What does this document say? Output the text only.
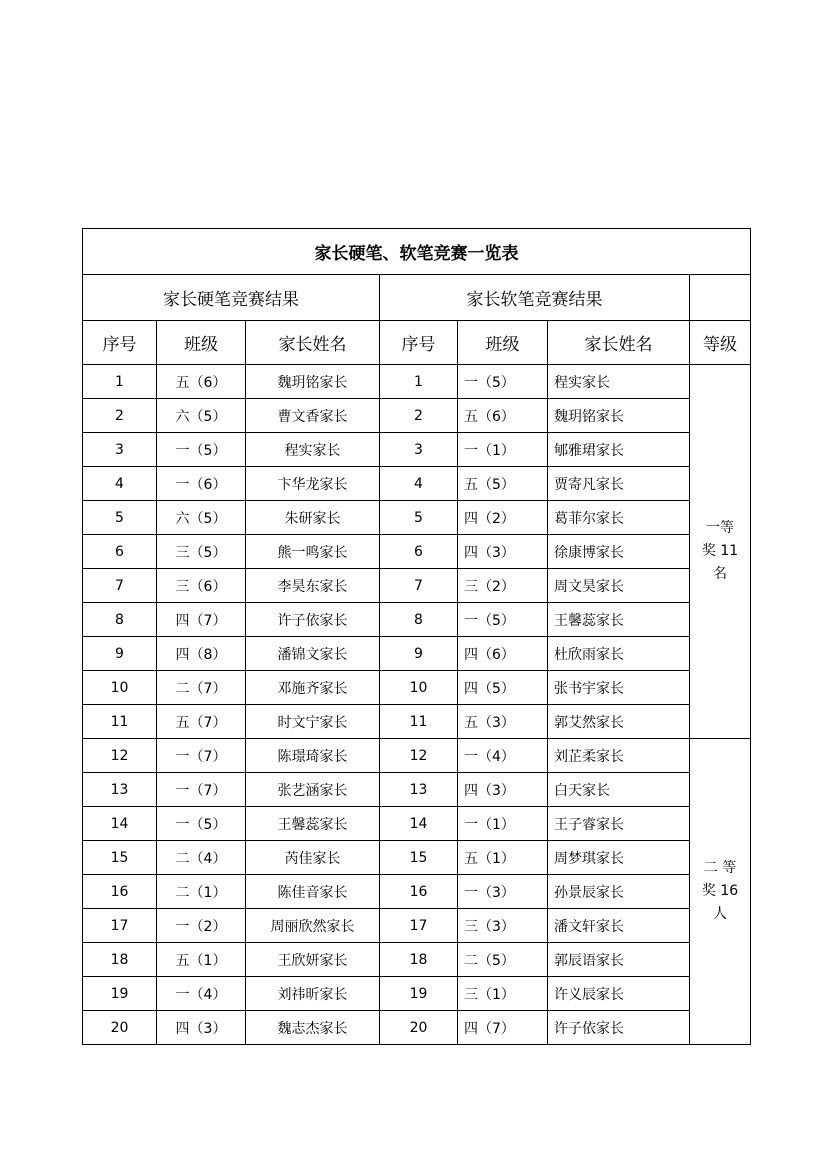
家长硬笔、软笔竞赛一览表						
家长硬笔竞赛结果			家长软笔竞赛结果			
序号	班级	家长姓名	序号	班级	家长姓名	等级
1	五（6）	魏玥铭家长	1	一（5）	程实家长	一等
奖 11
名

2	六（5）	曹文香家长	2	五（6）	魏玥铭家长	
3	一（5）	程实家长	3	一（1）	郇雅珺家长	
4	一（6）	卞华龙家长	4	五（5）	贾寄凡家长	
5	六（5）	朱研家长	5	四（2）	葛菲尔家长	
6	三（5）	熊一鸣家长	6	四（3）	徐康博家长	
7	三（6）	李昊东家长	7	三（2）	周文昊家长	
8	四（7）	许子依家长	8	一（5）	王馨蕊家长	
9	四（8）	潘锦文家长	9	四（6）	杜欣雨家长	
10	二（7）	邓施齐家长	10	四（5）	张书宇家长	
11	五（7）	时文宁家长	11	五（3）	郭艾然家长	
12	一（7）	陈璟琦家长	12	一（4）	刘芷柔家长	二 等
奖 16
人

13	一（7）	张艺涵家长	13	四（3）	白天家长	
14	一（5）	王馨蕊家长	14	一（1）	王子睿家长	
15	二（4）	芮佳家长	15	五（1）	周梦琪家长	
16	二（1）	陈佳音家长	16	一（3）	孙景辰家长	
17	一（2）	周丽欣然家长	17	三（3）	潘文轩家长	
18	五（1）	王欣妍家长	18	二（5）	郭辰语家长	
19	一（4）	刘祎昕家长	19	三（1）	许义辰家长	
20	四（3）	魏志杰家长	20	四（7）	许子依家长	
